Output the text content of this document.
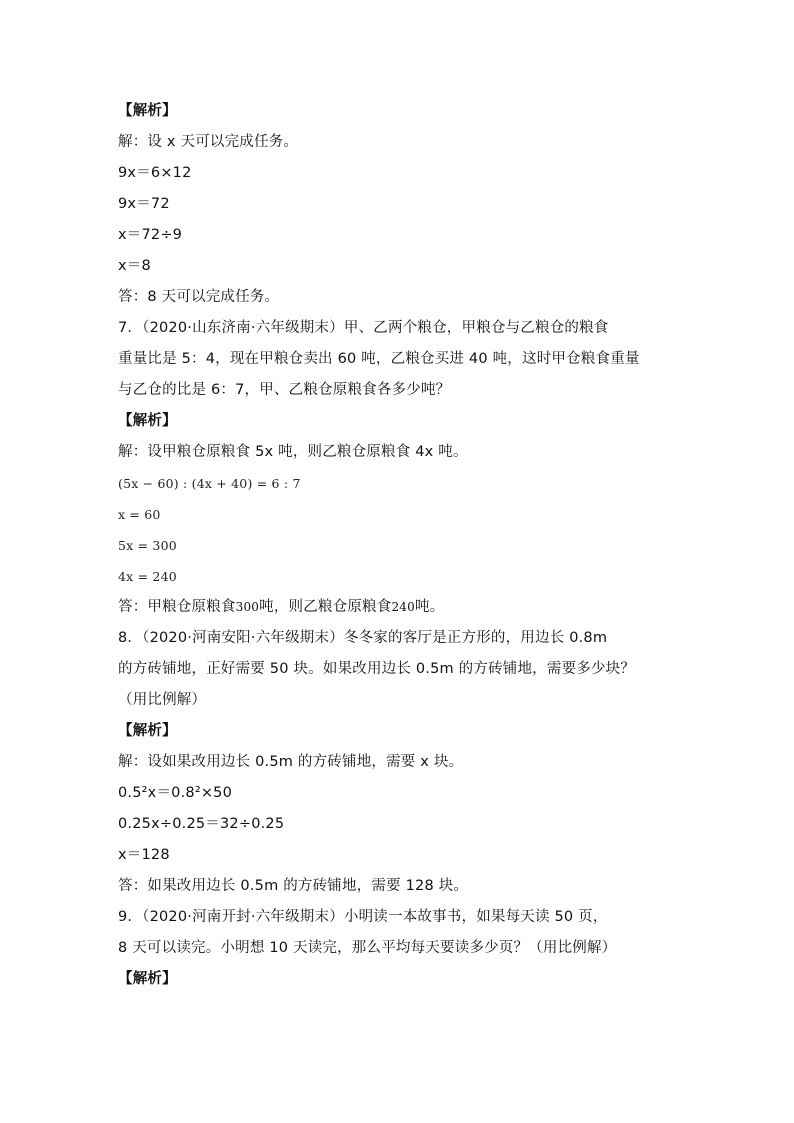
【解析】
解：设 x 天可以完成任务。
9x＝6×12
9x＝72
x＝72÷9
x＝8
答：8 天可以完成任务。
7．（2020·山东济南·六年级期末）甲、乙两个粮仓，甲粮仓与乙粮仓的粮食
重量比是 5：4，现在甲粮仓卖出 60 吨，乙粮仓买进 40 吨，这时甲仓粮食重量
与乙仓的比是 6：7，甲、乙粮仓原粮食各多少吨？
【解析】
解：设甲粮仓原粮食 5x 吨，则乙粮仓原粮食 4x 吨。
(5x − 60) : (4x + 40) = 6 : 7
x = 60
5x = 300
4x = 240
答：甲粮仓原粮食300吨，则乙粮仓原粮食240吨。
8．（2020·河南安阳·六年级期末）冬冬家的客厅是正方形的，用边长 0.8m
的方砖铺地，正好需要 50 块。如果改用边长 0.5m 的方砖铺地，需要多少块？
（用比例解）
【解析】
解：设如果改用边长 0.5m 的方砖铺地，需要 x 块。
0.5²x＝0.8²×50
0.25x÷0.25＝32÷0.25
x＝128
答：如果改用边长 0.5m 的方砖铺地，需要 128 块。
9．（2020·河南开封·六年级期末）小明读一本故事书，如果每天读 50 页，
8 天可以读完。小明想 10 天读完，那么平均每天要读多少页？（用比例解）
【解析】
